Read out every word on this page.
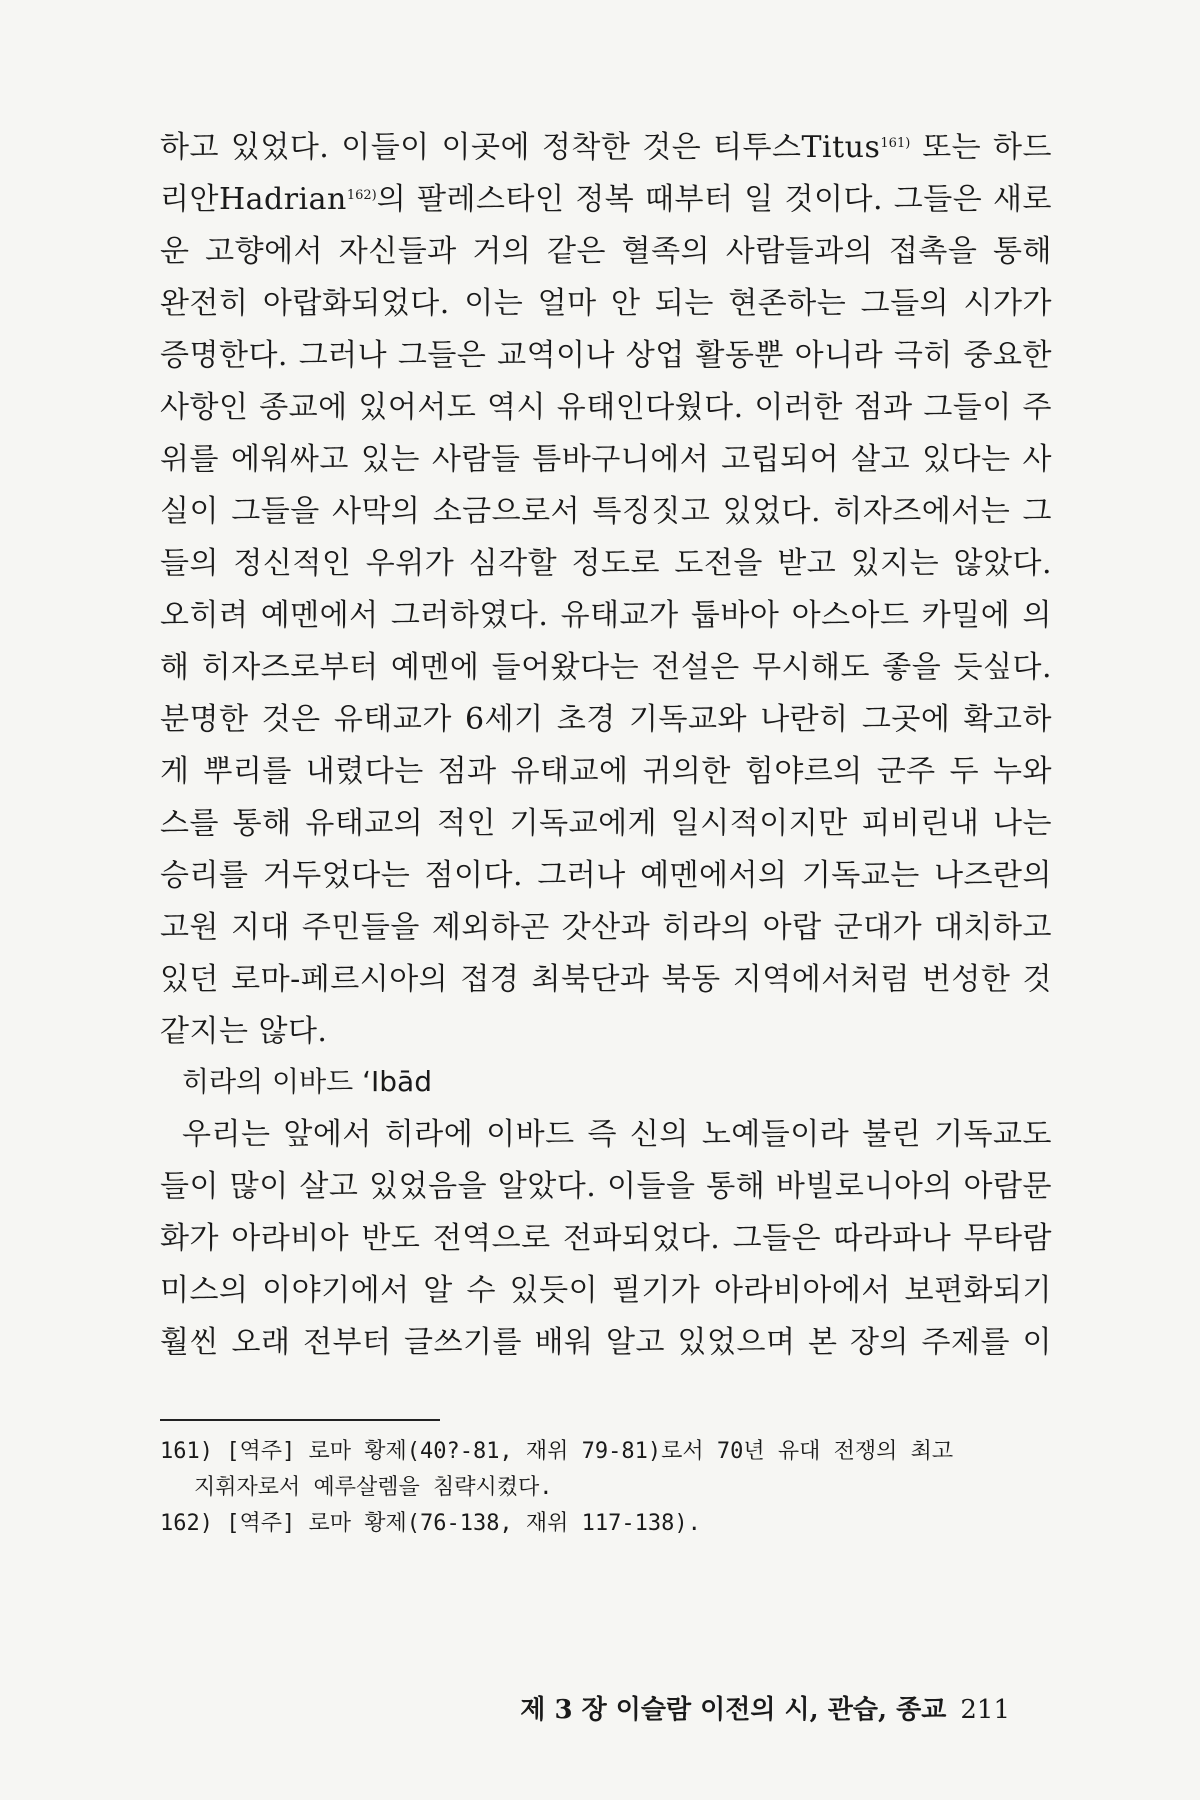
하고 있었다. 이들이 이곳에 정착한 것은 티투스Titus$^{161)}$ 또는 하드
리안Hadrian$^{162)}$의 팔레스타인 정복 때부터 일 것이다. 그들은 새로
운 고향에서 자신들과 거의 같은 혈족의 사람들과의 접촉을 통해
완전히 아랍화되었다. 이는 얼마 안 되는 현존하는 그들의 시가가
증명한다. 그러나 그들은 교역이나 상업 활동뿐 아니라 극히 중요한
사항인 종교에 있어서도 역시 유태인다웠다. 이러한 점과 그들이 주
위를 에워싸고 있는 사람들 틈바구니에서 고립되어 살고 있다는 사
실이 그들을 사막의 소금으로서 특징짓고 있었다. 히자즈에서는 그
들의 정신적인 우위가 심각할 정도로 도전을 받고 있지는 않았다.
오히려 예멘에서 그러하였다. 유태교가 툽바아 아스아드 카밀에 의
해 히자즈로부터 예멘에 들어왔다는 전설은 무시해도 좋을 듯싶다.
분명한 것은 유태교가 6세기 초경 기독교와 나란히 그곳에 확고하
게 뿌리를 내렸다는 점과 유태교에 귀의한 힘야르의 군주 두 누와
스를 통해 유태교의 적인 기독교에게 일시적이지만 피비린내 나는
승리를 거두었다는 점이다. 그러나 예멘에서의 기독교는 나즈란의
고원 지대 주민들을 제외하곤 갓산과 히라의 아랍 군대가 대치하고
있던 로마-페르시아의 접경 최북단과 북동 지역에서처럼 번성한 것
같지는 않다.
히라의 이바드 ʻIbād
우리는 앞에서 히라에 이바드 즉 신의 노예들이라 불린 기독교도
들이 많이 살고 있었음을 알았다. 이들을 통해 바빌로니아의 아람문
화가 아라비아 반도 전역으로 전파되었다. 그들은 따라파나 무타람
미스의 이야기에서 알 수 있듯이 필기가 아라비아에서 보편화되기
훨씬 오래 전부터 글쓰기를 배워 알고 있었으며 본 장의 주제를 이
161) [역주] 로마 황제(40?-81, 재위 79-81)로서 70년 유대 전쟁의 최고
지휘자로서 예루살렘을 침략시켰다.
162) [역주] 로마 황제(76-138, 재위 117-138).
제 3 장 이슬람 이전의 시, 관습, 종교 211
